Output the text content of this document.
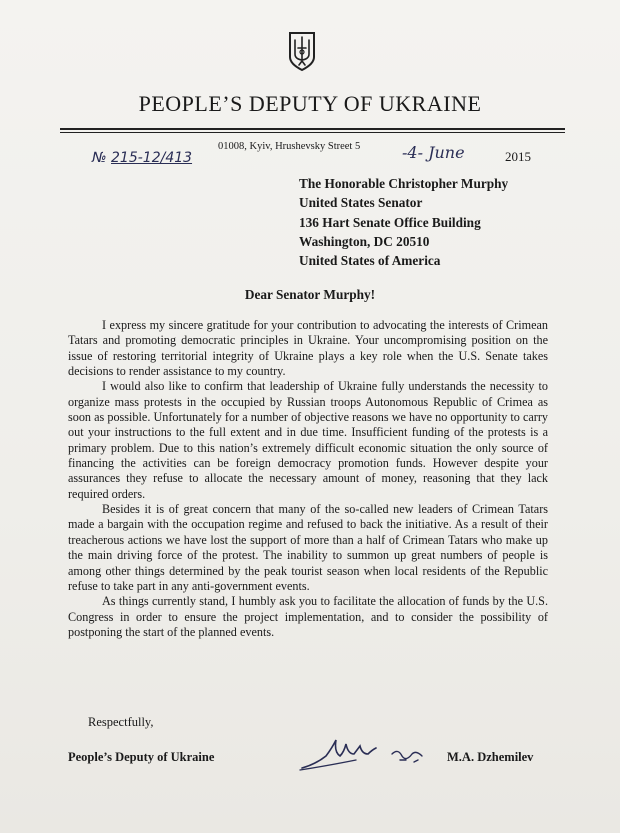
PEOPLE’S DEPUTY OF UKRAINE
01008, Kyiv, Hrushevsky Street 5
№ 215-12/413	-4- June	2015
The Honorable Christopher Murphy
United States Senator
136 Hart Senate Office Building
Washington, DC 20510
United States of America
Dear Senator Murphy!

I express my sincere gratitude for your contribution to advocating the interests of Crimean Tatars and promoting democratic principles in Ukraine. Your uncompromising position on the issue of restoring territorial integrity of Ukraine plays a key role when the U.S. Senate takes decisions to render assistance to my country.

I would also like to confirm that leadership of Ukraine fully understands the necessity to organize mass protests in the occupied by Russian troops Autonomous Republic of Crimea as soon as possible. Unfortunately for a number of objective reasons we have no opportunity to carry out your instructions to the full extent and in due time. Insufficient funding of the protests is a primary problem. Due to this nation’s extremely difficult economic situation the only source of financing the activities can be foreign democracy promotion funds. However despite your assurances they refuse to allocate the necessary amount of money, reasoning that they lack required orders.

Besides it is of great concern that many of the so-called new leaders of Crimean Tatars made a bargain with the occupation regime and refused to back the initiative. As a result of their treacherous actions we have lost the support of more than a half of Crimean Tatars who make up the main driving force of the protest. The inability to summon up great numbers of people is among other things determined by the peak tourist season when local residents of the Republic refuse to take part in any anti-government events.

As things currently stand, I humbly ask you to facilitate the allocation of funds by the U.S. Congress in order to ensure the project implementation, and to consider the possibility of postponing the start of the planned events.

Respectfully,
People’s Deputy of Ukraine	M.A. Dzhemilev
